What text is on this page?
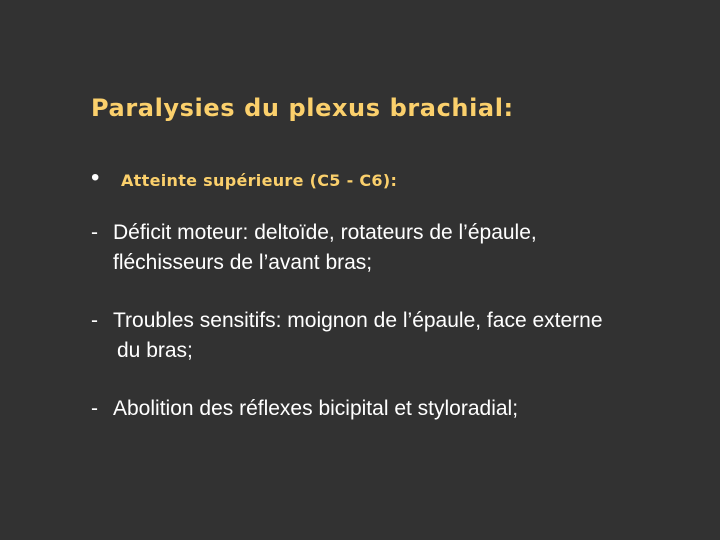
Paralysies du plexus brachial:
• Atteinte supérieure (C5 - C6):
- Déficit moteur: deltoïde, rotateurs de l’épaule,
fléchisseurs de l’avant bras;
- Troubles sensitifs: moignon de l’épaule, face externe
du bras;
- Abolition des réflexes bicipital et styloradial;
